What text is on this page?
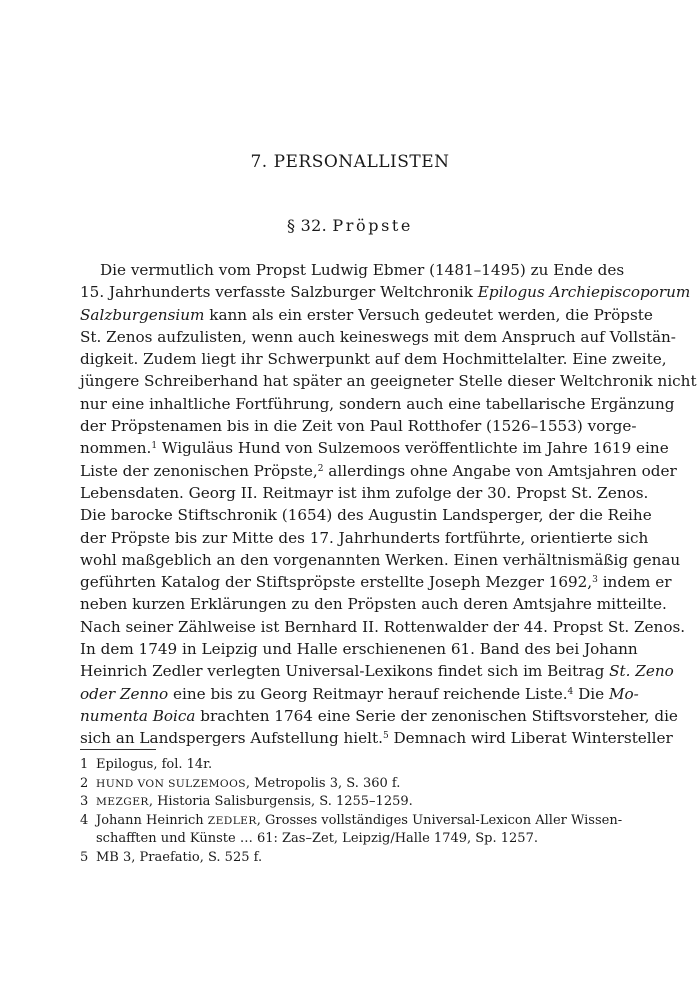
7. PERSONALLISTEN
§ 32. Pröpste
Die vermutlich vom Propst Ludwig Ebmer (1481–1495) zu Ende des
15. Jahrhunderts verfasste Salzburger Weltchronik Epilogus Archiepiscoporum
Salzburgensium kann als ein erster Versuch gedeutet werden, die Pröpste
St. Zenos aufzulisten, wenn auch keineswegs mit dem Anspruch auf Vollstän-
digkeit. Zudem liegt ihr Schwerpunkt auf dem Hochmittelalter. Eine zweite,
jüngere Schreiberhand hat später an geeigneter Stelle dieser Weltchronik nicht
nur eine inhaltliche Fortführung, sondern auch eine tabellarische Ergänzung
der Pröpstenamen bis in die Zeit von Paul Rotthofer (1526–1553) vorge-
nommen.$^1$ Wiguläus Hund von Sulzemoos veröffentlichte im Jahre 1619 eine
Liste der zenonischen Pröpste,$^2$ allerdings ohne Angabe von Amtsjahren oder
Lebensdaten. Georg II. Reitmayr ist ihm zufolge der 30. Propst St. Zenos.
Die barocke Stiftschronik (1654) des Augustin Landsperger, der die Reihe
der Pröpste bis zur Mitte des 17. Jahrhunderts fortführte, orientierte sich
wohl maßgeblich an den vorgenannten Werken. Einen verhältnismäßig genau
geführten Katalog der Stiftspröpste erstellte Joseph Mezger 1692,$^3$ indem er
neben kurzen Erklärungen zu den Pröpsten auch deren Amtsjahre mitteilte.
Nach seiner Zählweise ist Bernhard II. Rottenwalder der 44. Propst St. Zenos.
In dem 1749 in Leipzig und Halle erschienenen 61. Band des bei Johann
Heinrich Zedler verlegten Universal-Lexikons findet sich im Beitrag St. Zeno
oder Zenno eine bis zu Georg Reitmayr herauf reichende Liste.$^4$ Die Mo-
numenta Boica brachten 1764 eine Serie der zenonischen Stiftsvorsteher, die
sich an Landspergers Aufstellung hielt.$^5$ Demnach wird Liberat Wintersteller
1 Epilogus, fol. 14r.
2 HUND VON SULZEMOOS, Metropolis 3, S. 360 f.
3 MEZGER, Historia Salisburgensis, S. 1255–1259.
4 Johann Heinrich ZEDLER, Grosses vollständiges Universal-Lexicon Aller Wissen-
schafften und Künste … 61: Zas–Zet, Leipzig/Halle 1749, Sp. 1257.
5 MB 3, Praefatio, S. 525 f.
